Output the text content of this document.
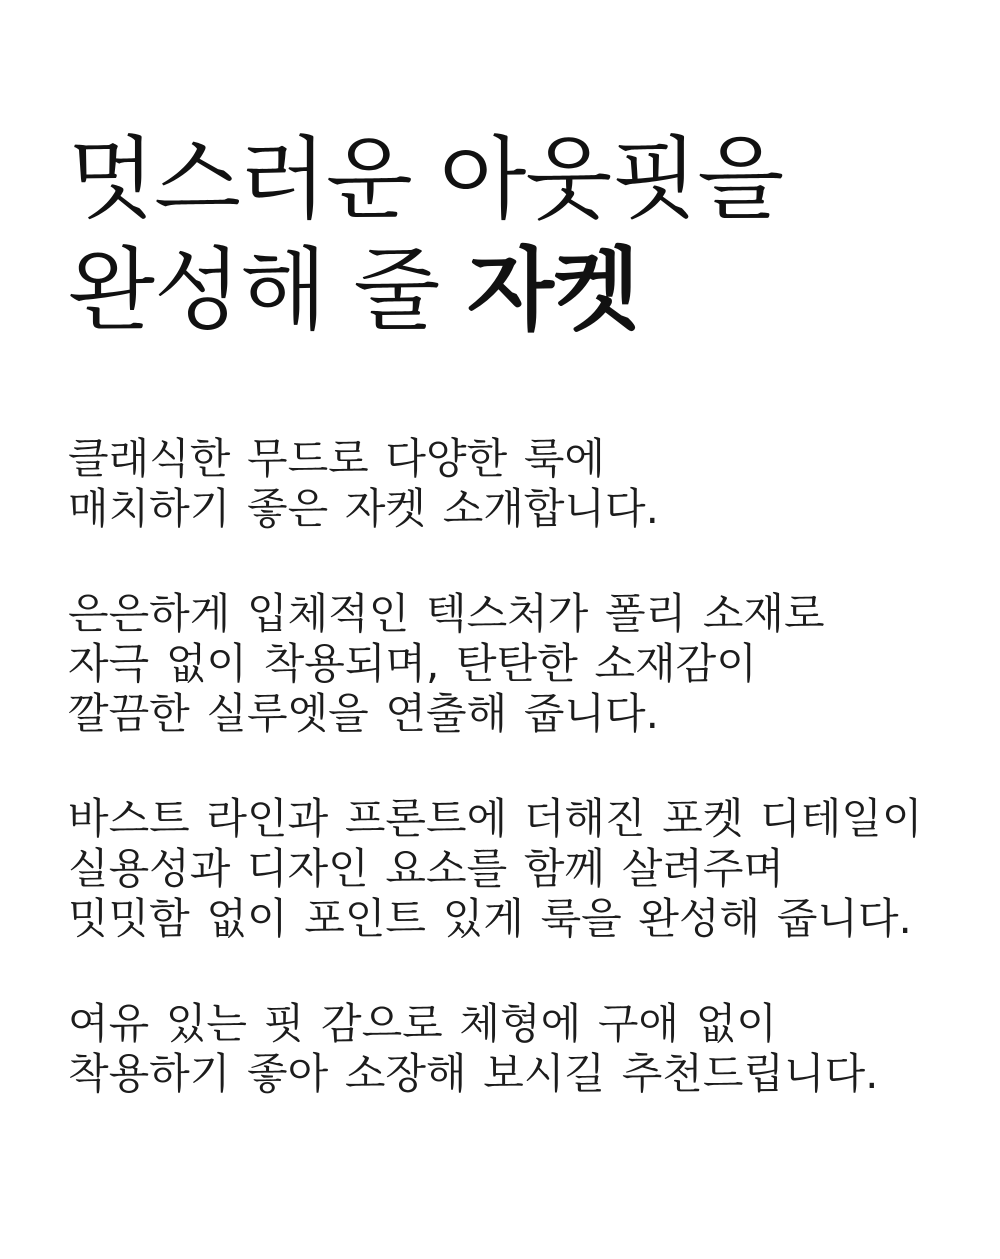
멋스러운 아웃핏을
완성해 줄 자켓

클래식한 무드로 다양한 룩에
매치하기 좋은 자켓 소개합니다.

은은하게 입체적인 텍스처가 폴리 소재로
자극 없이 착용되며, 탄탄한 소재감이
깔끔한 실루엣을 연출해 줍니다.

바스트 라인과 프론트에 더해진 포켓 디테일이
실용성과 디자인 요소를 함께 살려주며
밋밋함 없이 포인트 있게 룩을 완성해 줍니다.

여유 있는 핏 감으로 체형에 구애 없이
착용하기 좋아 소장해 보시길 추천드립니다.
